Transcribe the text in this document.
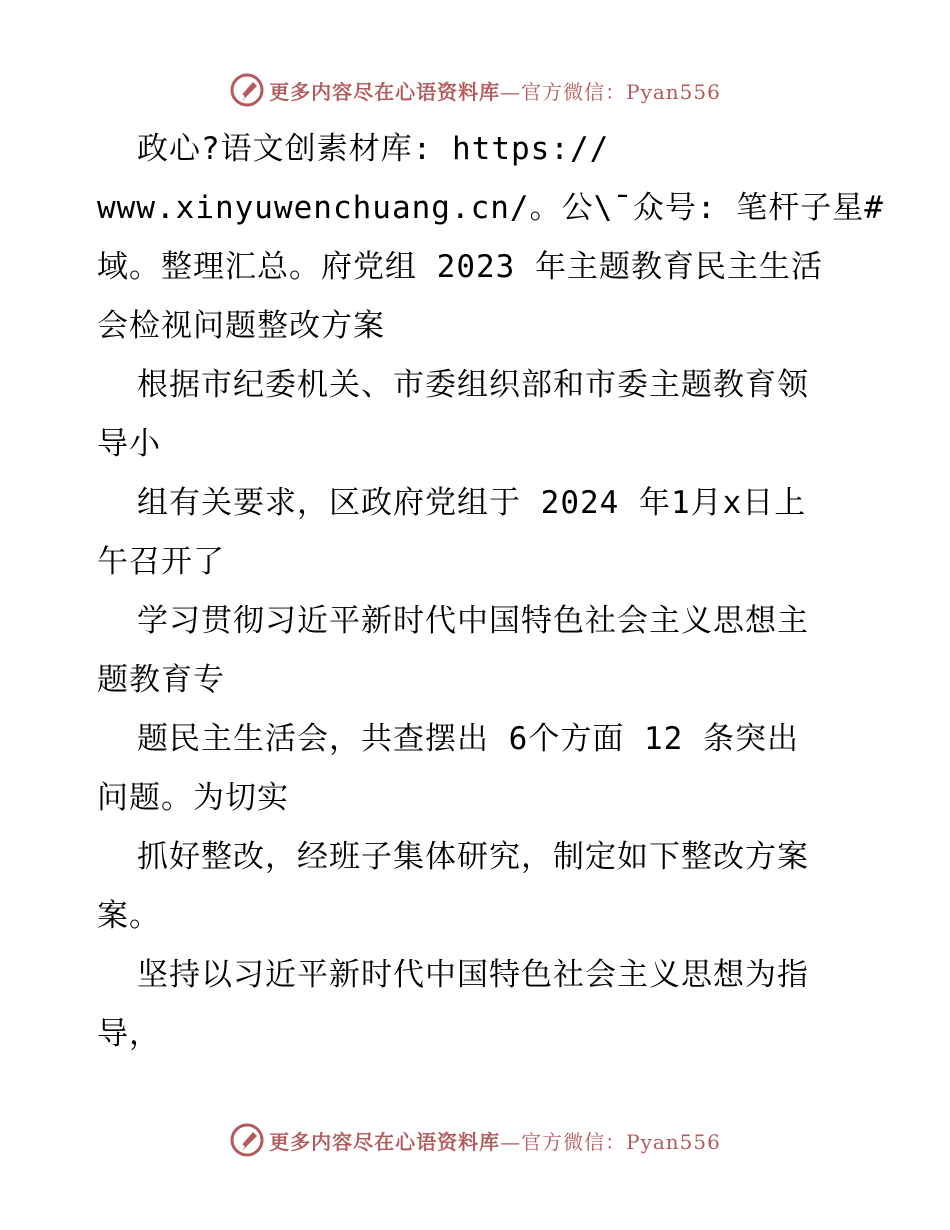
更多内容尽在心语资料库—官方微信：Pyan556
政心?语文创素材库: https://
www.xinyuwenchuang.cn/。公\¯众号: 笔杆子星#
域。整理汇总。府党组 2023 年主题教育民主生活
会检视问题整改方案
根据市纪委机关、市委组织部和市委主题教育领
导小
组有关要求，区政府党组于 2024 年1月x日上
午召开了
学习贯彻习近平新时代中国特色社会主义思想主
题教育专
题民主生活会，共查摆出 6个方面 12 条突出
问题。为切实
抓好整改，经班子集体研究，制定如下整改方案
案。
坚持以习近平新时代中国特色社会主义思想为指
导，
更多内容尽在心语资料库—官方微信：Pyan556
